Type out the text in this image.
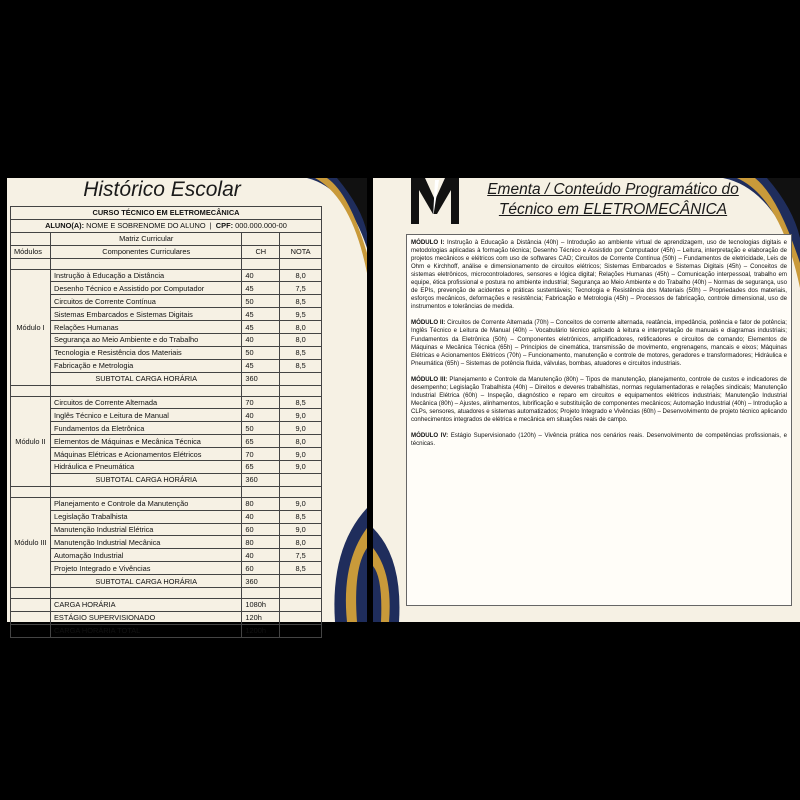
Histórico Escolar
CURSO TÉCNICO EM ELETROMECÂNICA			
ALUNO(A): NOME E SOBRENOME DO ALUNO  |  CPF: 000.000.000-00			
	Matriz Curricular		
Módulos	Componentes Curriculares	CH	NOTA

Módulo I	Instrução à Educação a Distância	40	8,0
	Desenho Técnico e Assistido por Computador	45	7,5
	Circuitos de Corrente Contínua	50	8,5
	Sistemas Embarcados e Sistemas Digitais	45	9,5
	Relações Humanas	45	8,0
	Segurança ao Meio Ambiente e do Trabalho	40	8,0
	Tecnologia e Resistência dos Materiais	50	8,5
	Fabricação e Metrologia	45	8,5
	SUBTOTAL CARGA HORÁRIA	360	

Módulo II	Circuitos de Corrente Alternada	70	8,5
	Inglês Técnico e Leitura de Manual	40	9,0
	Fundamentos da Eletrônica	50	9,0
	Elementos de Máquinas e Mecânica Técnica	65	8,0
	Máquinas Elétricas e Acionamentos Elétricos	70	9,0
	Hidráulica e Pneumática	65	9,0
	SUBTOTAL CARGA HORÁRIA	360	

Módulo III	Planejamento e Controle da Manutenção	80	9,0
	Legislação Trabalhista	40	8,5
	Manutenção Industrial Elétrica	60	9,0
	Manutenção Industrial Mecânica	80	8,0
	Automação Industrial	40	7,5
	Projeto Integrado e Vivências	60	8,5
	SUBTOTAL CARGA HORÁRIA	360	

	CARGA HORÁRIA	1080h	
	ESTÁGIO SUPERVISIONADO	120h	
	CARGA HORÁRIA TOTAL	1200h	
Ementa / Conteúdo Programático do
Técnico em ELETROMECÂNICA

MÓDULO I: Instrução à Educação a Distância (40h) – Introdução ao ambiente virtual de aprendizagem, uso de tecnologias digitais e metodologias aplicadas à formação técnica; Desenho Técnico e Assistido por Computador (45h) – Leitura, interpretação e elaboração de projetos mecânicos e elétricos com uso de softwares CAD; Circuitos de Corrente Contínua (50h) – Fundamentos de eletricidade, Leis de Ohm e Kirchhoff, análise e dimensionamento de circuitos elétricos; Sistemas Embarcados e Sistemas Digitais (45h) – Conceitos de sistemas eletrônicos, microcontroladores, sensores e lógica digital; Relações Humanas (45h) – Comunicação interpessoal, trabalho em equipe, ética profissional e postura no ambiente industrial; Segurança ao Meio Ambiente e do Trabalho (40h) – Normas de segurança, uso de EPIs, prevenção de acidentes e práticas sustentáveis; Tecnologia e Resistência dos Materiais (50h) – Propriedades dos materiais, esforços mecânicos, deformações e resistência; Fabricação e Metrologia (45h) – Processos de fabricação, controle dimensional, uso de instrumentos e tolerâncias de medida.

MÓDULO II: Circuitos de Corrente Alternada (70h) – Conceitos de corrente alternada, reatância, impedância, potência e fator de potência; Inglês Técnico e Leitura de Manual (40h) – Vocabulário técnico aplicado à leitura e interpretação de manuais e diagramas industriais; Fundamentos da Eletrônica (50h) – Componentes eletrônicos, amplificadores, retificadores e circuitos de comando; Elementos de Máquinas e Mecânica Técnica (65h) – Princípios de cinemática, transmissão de movimento, engrenagens, mancais e eixos; Máquinas Elétricas e Acionamentos Elétricos (70h) – Funcionamento, manutenção e controle de motores, geradores e transformadores; Hidráulica e Pneumática (65h) – Sistemas de potência fluida, válvulas, bombas, atuadores e circuitos industriais.

MÓDULO III: Planejamento e Controle da Manutenção (80h) – Tipos de manutenção, planejamento, controle de custos e indicadores de desempenho; Legislação Trabalhista (40h) – Direitos e deveres trabalhistas, normas regulamentadoras e relações sindicais; Manutenção Industrial Elétrica (60h) – Inspeção, diagnóstico e reparo em circuitos e equipamentos elétricos industriais; Manutenção Industrial Mecânica (80h) – Ajustes, alinhamentos, lubrificação e substituição de componentes mecânicos; Automação Industrial (40h) – Introdução a CLPs, sensores, atuadores e sistemas automatizados; Projeto Integrado e Vivências (60h) – Desenvolvimento de projeto técnico aplicando conhecimentos integrados de elétrica e mecânica em situações reais de campo.

MÓDULO IV: Estágio Supervisionado (120h) – Vivência prática nos cenários reais. Desenvolvimento de competências profissionais, e técnicas.
